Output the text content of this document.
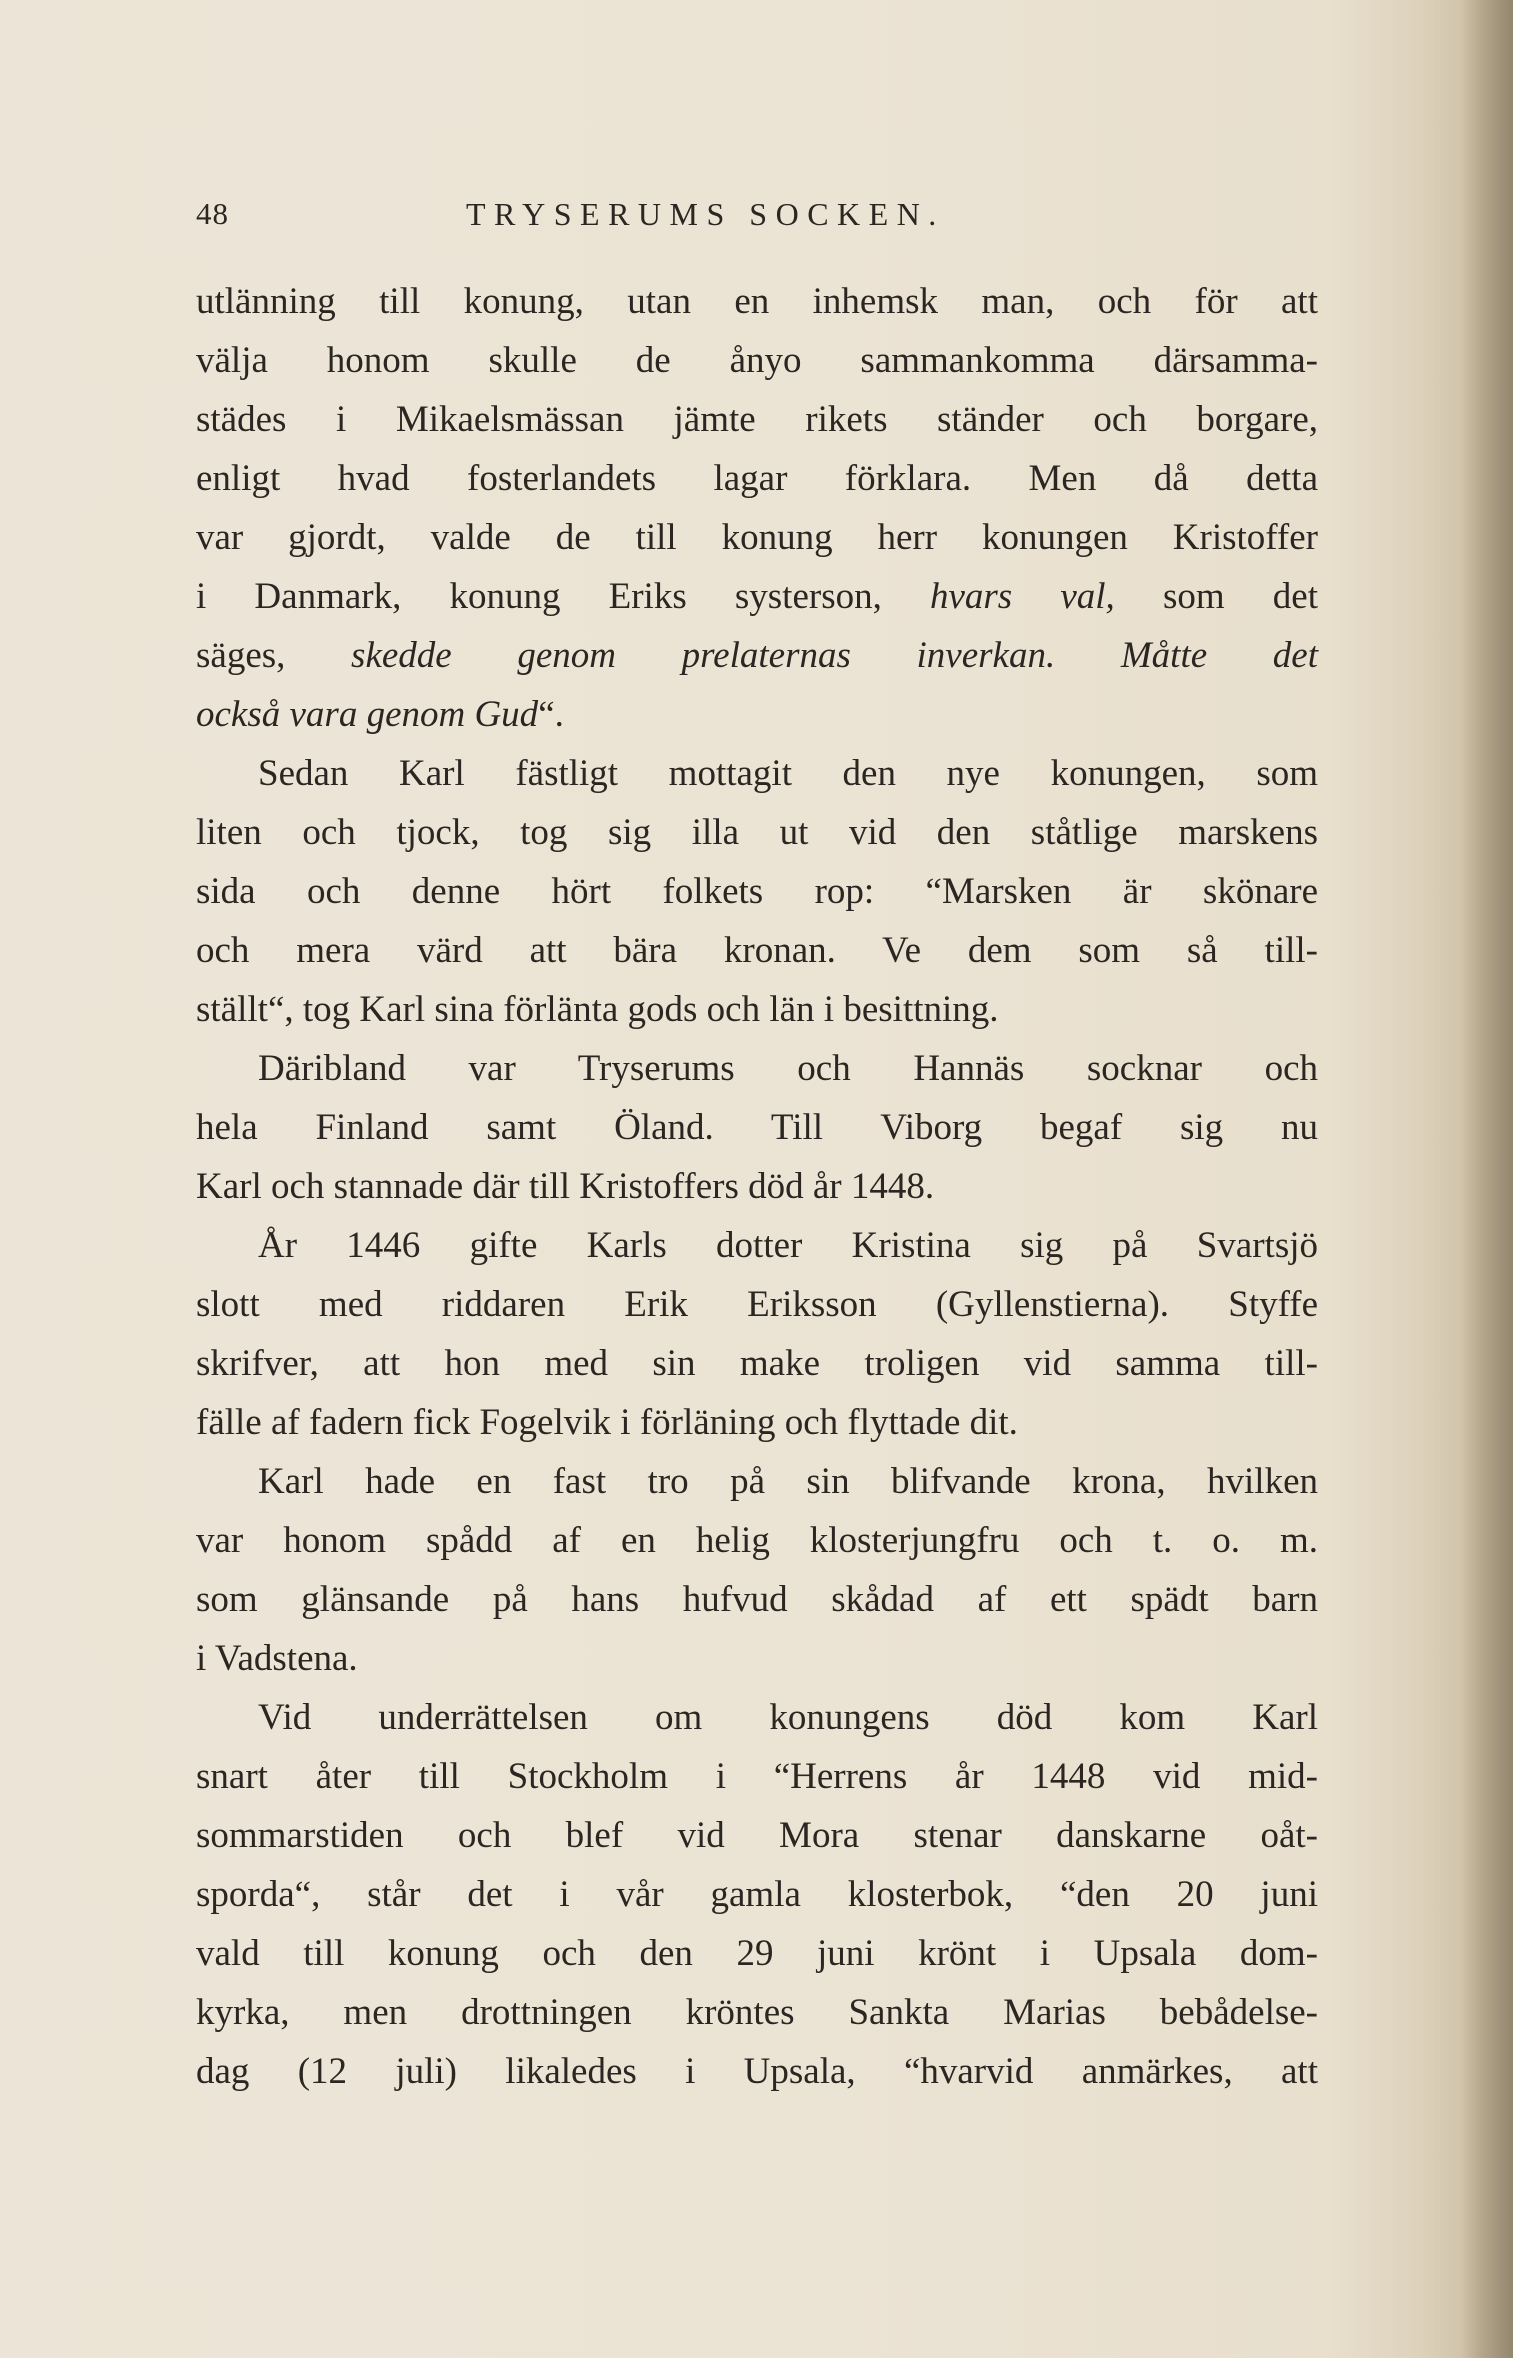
48	TRYSERUMS SOCKEN.
utlänning till konung, utan en inhemsk man, och för att
välja honom skulle de ånyo sammankomma därsamma-
städes i Mikaelsmässan jämte rikets ständer och borgare,
enligt hvad fosterlandets lagar förklara. Men då detta
var gjordt, valde de till konung herr konungen Kristoffer
i Danmark, konung Eriks systerson, hvars val, som det
säges, skedde genom prelaternas inverkan. Måtte det
också vara genom Gud“.
Sedan Karl fästligt mottagit den nye konungen, som
liten och tjock, tog sig illa ut vid den ståtlige marskens
sida och denne hört folkets rop: “Marsken är skönare
och mera värd att bära kronan. Ve dem som så till-
ställt“, tog Karl sina förlänta gods och län i besittning.
Däribland var Tryserums och Hannäs socknar och
hela Finland samt Öland. Till Viborg begaf sig nu
Karl och stannade där till Kristoffers död år 1448.
År 1446 gifte Karls dotter Kristina sig på Svartsjö
slott med riddaren Erik Eriksson (Gyllenstierna). Styffe
skrifver, att hon med sin make troligen vid samma till-
fälle af fadern fick Fogelvik i förläning och flyttade dit.
Karl hade en fast tro på sin blifvande krona, hvilken
var honom spådd af en helig klosterjungfru och t. o. m.
som glänsande på hans hufvud skådad af ett spädt barn
i Vadstena.
Vid underrättelsen om konungens död kom Karl
snart åter till Stockholm i “Herrens år 1448 vid mid-
sommarstiden och blef vid Mora stenar danskarne oåt-
sporda“, står det i vår gamla klosterbok, “den 20 juni
vald till konung och den 29 juni krönt i Upsala dom-
kyrka, men drottningen kröntes Sankta Marias bebådelse-
dag (12 juli) likaledes i Upsala, “hvarvid anmärkes, att
